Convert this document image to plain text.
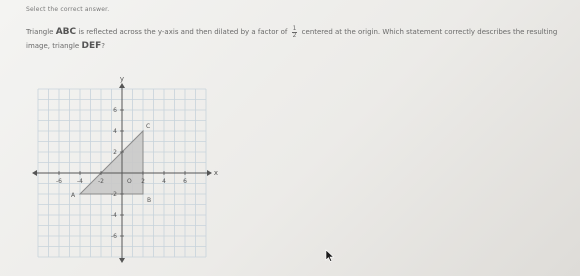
Select the correct answer.
Triangle ABC is reflected across the y-axis and then dilated by a factor of $\frac{1}{2}$ centered at the origin. Which statement correctly describes the resulting image, triangle DEF?
x
y
-6	-4	-2	2	4	6
6
4
2
-2
-4
-6
O
A
B
C
